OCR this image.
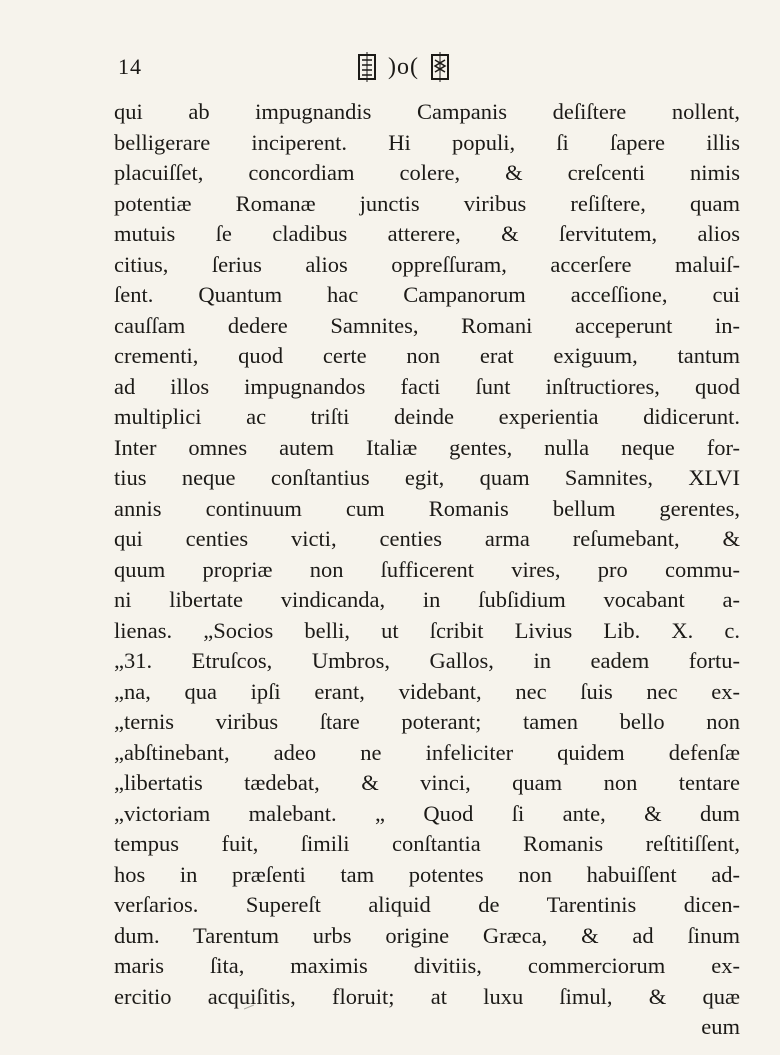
14	)o(
qui ab impugnandis Campanis deſiſtere nollent,
belligerare inciperent. Hi populi, ſi ſapere illis
placuiſſet, concordiam colere, & creſcenti nimis
potentiæ Romanæ junctis viribus reſiſtere, quam
mutuis ſe cladibus atterere, & ſervitutem, alios
citius, ſerius alios oppreſſuram, accerſere maluiſ-
ſent. Quantum hac Campanorum acceſſione, cui
cauſſam dedere Samnites, Romani acceperunt in-
crementi, quod certe non erat exiguum, tantum
ad illos impugnandos facti ſunt inſtructiores, quod
multiplici ac triſti deinde experientia didicerunt.
Inter omnes autem Italiæ gentes, nulla neque for-
tius neque conſtantius egit, quam Samnites, XLVI
annis continuum cum Romanis bellum gerentes,
qui centies victi, centies arma reſumebant, &
quum propriæ non ſufficerent vires, pro commu-
ni libertate vindicanda, in ſubſidium vocabant a-
lienas. „Socios belli, ut ſcribit Livius Lib. X. c.
„31. Etruſcos, Umbros, Gallos, in eadem fortu-
„na, qua ipſi erant, videbant, nec ſuis nec ex-
„ternis viribus ſtare poterant; tamen bello non
„abſtinebant, adeo ne infeliciter quidem defenſæ
„libertatis tædebat, & vinci, quam non tentare
„victoriam malebant. „ Quod ſi ante, & dum
tempus fuit, ſimili conſtantia Romanis reſtitiſſent,
hos in præſenti tam potentes non habuiſſent ad-
verſarios. Supereſt aliquid de Tarentinis dicen-
dum. Tarentum urbs origine Græca, & ad ſinum
maris ſita, maximis divitiis, commerciorum ex-
ercitio acquiſitis, floruit; at luxu ſimul, & quæ
eum
